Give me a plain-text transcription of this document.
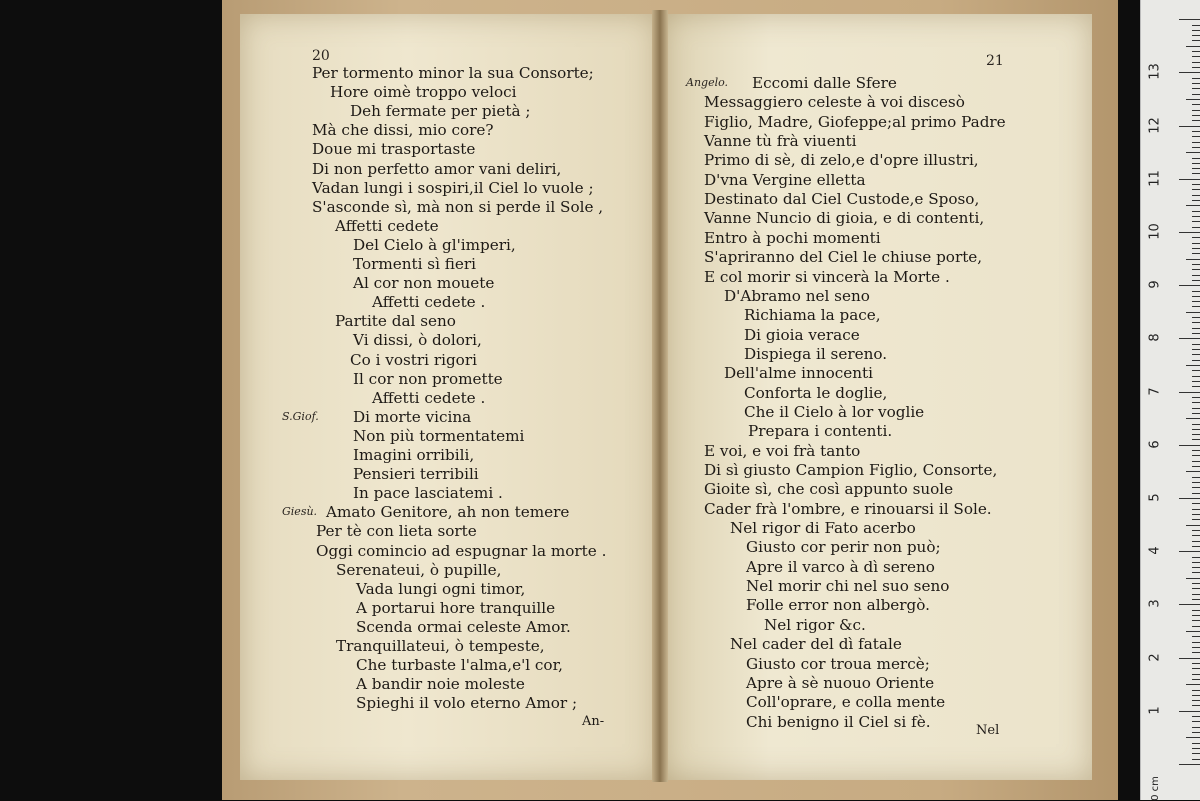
20	21
Per tormento minor la sua Consorte;
Hore oimè troppo veloci
Deh fermate per pietà ;
Mà che dissi, mio core?
Doue mi trasportaste
Di non perfetto amor vani deliri,
Vadan lungi i sospiri,il Ciel lo vuole ;
S'asconde sì, mà non si perde il Sole ,
Affetti cedete
Del Cielo à gl'imperi,
Tormenti sì fieri
Al cor non mouete
Affetti cedete .
Partite dal seno
Vi dissi, ò dolori,
Co i vostri rigori
Il cor non promette
Affetti cedete .
S.Giof. Di morte vicina
Non più tormentatemi
Imagini orribili,
Pensieri terribili
In pace lasciatemi .
Giesù. Amato Genitore, ah non temere
Per tè con lieta sorte
Oggi comincio ad espugnar la morte .
Serenateui, ò pupille,
Vada lungi ogni timor,
A portarui hore tranquille
Scenda ormai celeste Amor.
Tranquillateui, ò tempeste,
Che turbaste l'alma,e'l cor,
A bandir noie moleste
Spieghi il volo eterno Amor ;
Angelo. Eccomi dalle Sfere
Messaggiero celeste à voi discesò
Figlio, Madre, Giofeppe;al primo Padre
Vanne tù frà viuenti
Primo di sè, di zelo,e d'opre illustri,
D'vna Vergine elletta
Destinato dal Ciel Custode,e Sposo,
Vanne Nuncio di gioia, e di contenti,
Entro à pochi momenti
S'apriranno del Ciel le chiuse porte,
E col morir si vincerà la Morte .
D'Abramo nel seno
Richiama la pace,
Di gioia verace
Dispiega il sereno.
Dell'alme innocenti
Conforta le doglie,
Che il Cielo à lor voglie
Prepara i contenti.
E voi, e voi frà tanto
Di sì giusto Campion Figlio, Consorte,
Gioite sì, che così appunto suole
Cader frà l'ombre, e rinouarsi il Sole.
Nel rigor di Fato acerbo
Giusto cor perir non può;
Apre il varco à dì sereno
Nel morir chi nel suo seno
Folle error non albergò.
Nel rigor &c.
Nel cader del dì fatale
Giusto cor troua mercè;
Apre à sè nuouo Oriente
Coll'oprare, e colla mente
Chi benigno il Ciel si fè.
An-
Nel
1
2
3
4
5
6
7
8
9
10
11
12
13
0 cm
